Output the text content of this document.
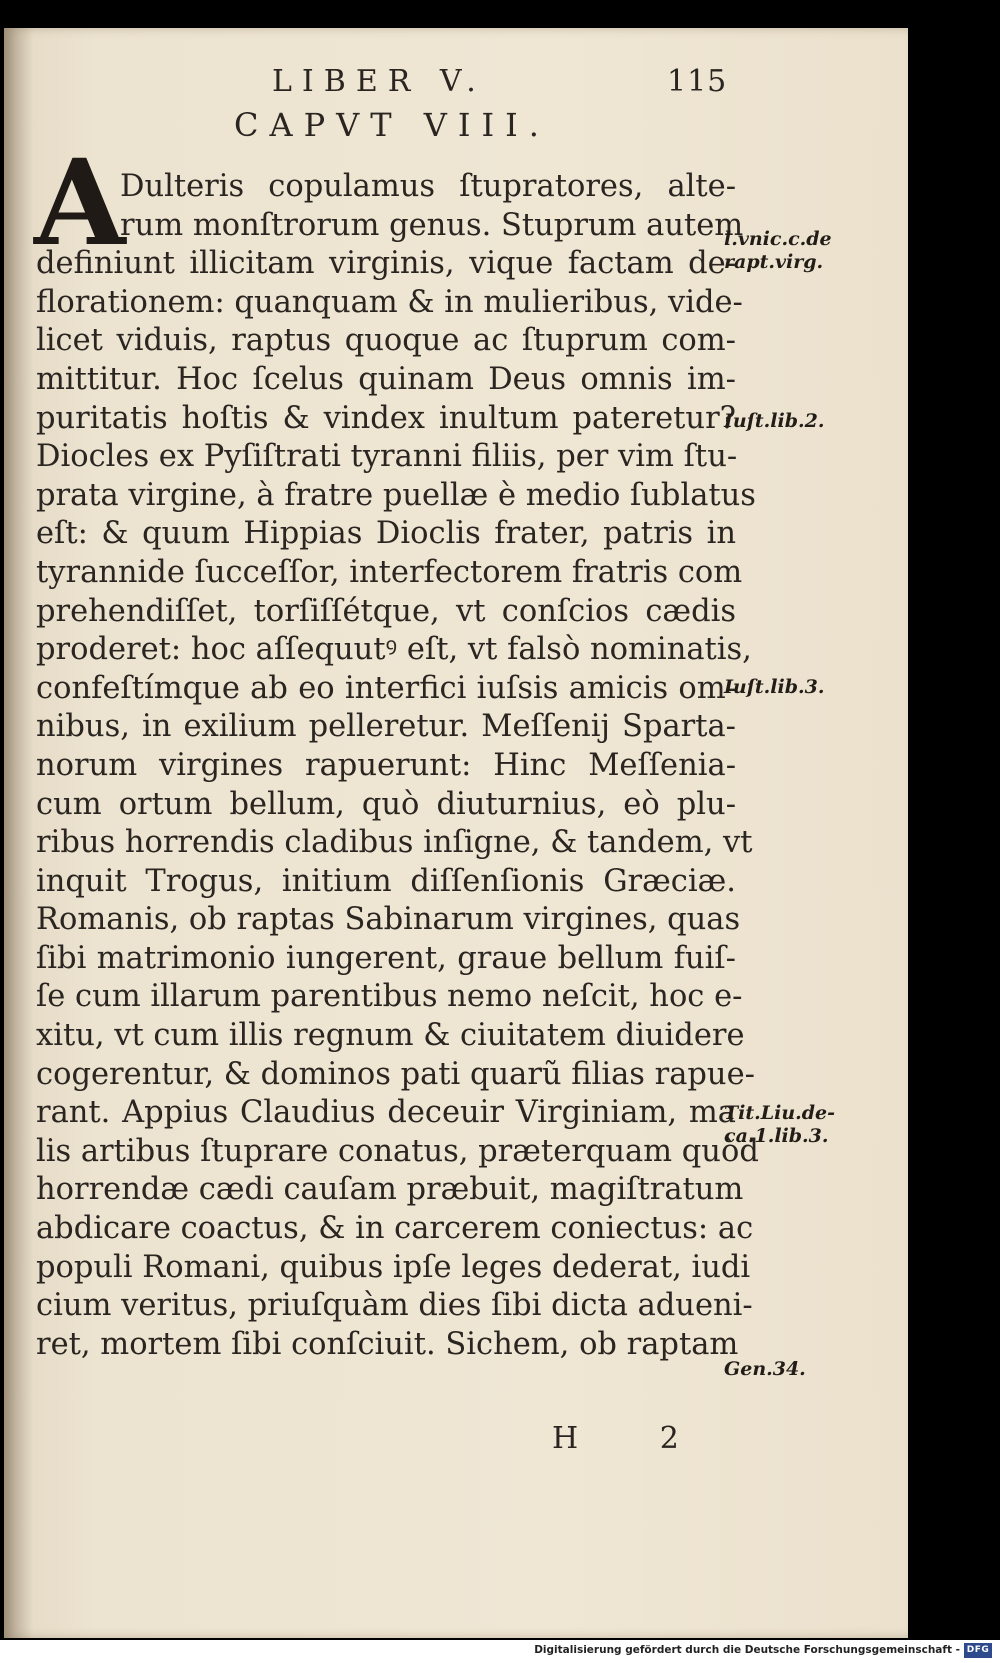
LIBER V.	115
CAPVT VIII.
A
Dulteris copulamus ſtupratores, alte-
rum monſtrorum genus. Stuprum autem
definiunt illicitam virginis, vique factam de-
florationem: quanquam & in mulieribus, vide-
licet viduis, raptus quoque ac ſtuprum com-
mittitur. Hoc ſcelus quinam Deus omnis im-
puritatis hoſtis & vindex inultum pateretur?
Diocles ex Pyſiſtrati tyranni filiis, per vim ſtu-
prata virgine, à fratre puellæ è medio ſublatus
eſt: & quum Hippias Dioclis frater, patris in
tyrannide ſucceſſor, interfectorem fratris com
prehendiſſet, torſiſſétque, vt conſcios cædis
proderet: hoc aſſequutꝰ eſt, vt falsò nominatis,
confeſtímque ab eo interfici iuſsis amicis om-
nibus, in exilium pelleretur. Meſſenij Sparta-
norum virgines rapuerunt: Hinc Meſſenia-
cum ortum bellum, quò diuturnius, eò plu-
ribus horrendis cladibus inſigne, & tandem, vt
inquit Trogus, initium diſſenſionis Græciæ.
Romanis, ob raptas Sabinarum virgines, quas
ſibi matrimonio iungerent, graue bellum fuiſ-
ſe cum illarum parentibus nemo neſcit, hoc e-
xitu, vt cum illis regnum & ciuitatem diuidere
cogerentur, & dominos pati quarũ filias rapue-
rant. Appius Claudius deceuir Virginiam, ma
lis artibus ſtuprare conatus, præterquam quòd
horrendæ cædi cauſam præbuit, magiſtratum
abdicare coactus, & in carcerem coniectus: ac
populi Romani, quibus ipſe leges dederat, iudi
cium veritus, priuſquàm dies ſibi dicta adueni-
ret, mortem ſibi conſciuit. Sichem, ob raptam
H 2
l.vnic.c.de
rapt.virg.
Iuſt.lib.2.
Iuſt.lib.3.
Tit.Liu.de-
ca.1.lib.3.
Gen.34.
Digitalisierung gefördert durch die Deutsche Forschungsgemeinschaft - DFG
